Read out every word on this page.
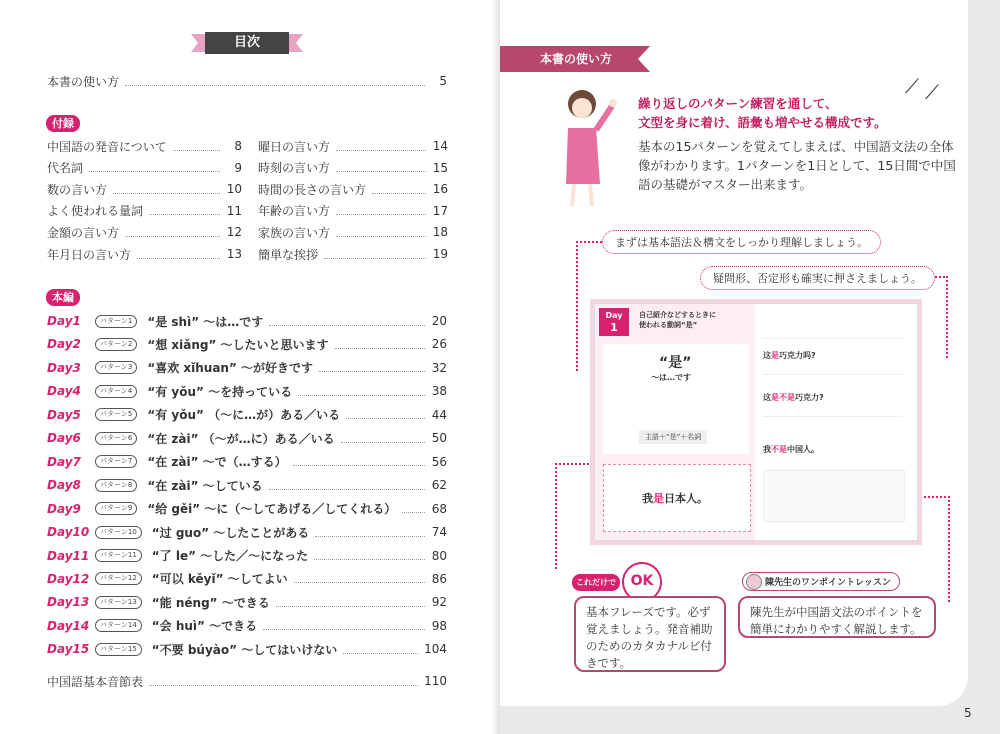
目次
本書の使い方	5
付録
中国語の発音について	8
代名詞	9
数の言い方	10
よく使われる量詞	11
金額の言い方	12
年月日の言い方	13
曜日の言い方	14
時刻の言い方	15
時間の長さの言い方	16
年齢の言い方	17
家族の言い方	18
簡単な挨拶	19
本編
Day1	パターン1	“是 shì” ～は…です	20
Day2	パターン2	“想 xiǎng” ～したいと思います	26
Day3	パターン3	“喜欢 xǐhuan” ～が好きです	32
Day4	パターン4	“有 yǒu” ～を持っている	38
Day5	パターン5	“有 yǒu” （～に…が）ある／いる	44
Day6	パターン6	“在 zài” （～が…に）ある／いる	50
Day7	パターン7	“在 zài” ～で（…する）	56
Day8	パターン8	“在 zài” ～している	62
Day9	パターン9	“给 gěi” ～に（～してあげる／してくれる）	68
Day10	パターン10	“过 guo” ～したことがある	74
Day11	パターン11	“了 le” ～した／～になった	80
Day12	パターン12	“可以 kěyǐ” ～してよい	86
Day13	パターン13	“能 néng” ～できる	92
Day14	パターン14	“会 huì” ～できる	98
Day15	パターン15	“不要 búyào” ～してはいけない	104
中国語基本音節表	110
本書の使い方
⟋ ⟋
繰り返しのパターン練習を通して、
文型を身に着け、語彙も増やせる構成です。
基本の15パターンを覚えてしまえば、中国語文法の全体像がわかります。1パターンを1日として、15日間で中国語の基礎がマスター出来ます。
まずは基本語法＆構文をしっかり理解しましょう。
疑問形、否定形も確実に押さえましょう。
Day
1
自己紹介などするときに
使われる動詞“是”
“是”
～は…です
主語＋“是”＋名詞
我是日本人。
这是巧克力吗?
这是不是巧克力?
我不是中国人。
これだけで	OK	陳先生のワンポイントレッスン
基本フレーズです。必ず覚えましょう。発音補助のためのカタカナルビ付きです。
陳先生が中国語文法のポイントを簡単にわかりやすく解説します。
5
